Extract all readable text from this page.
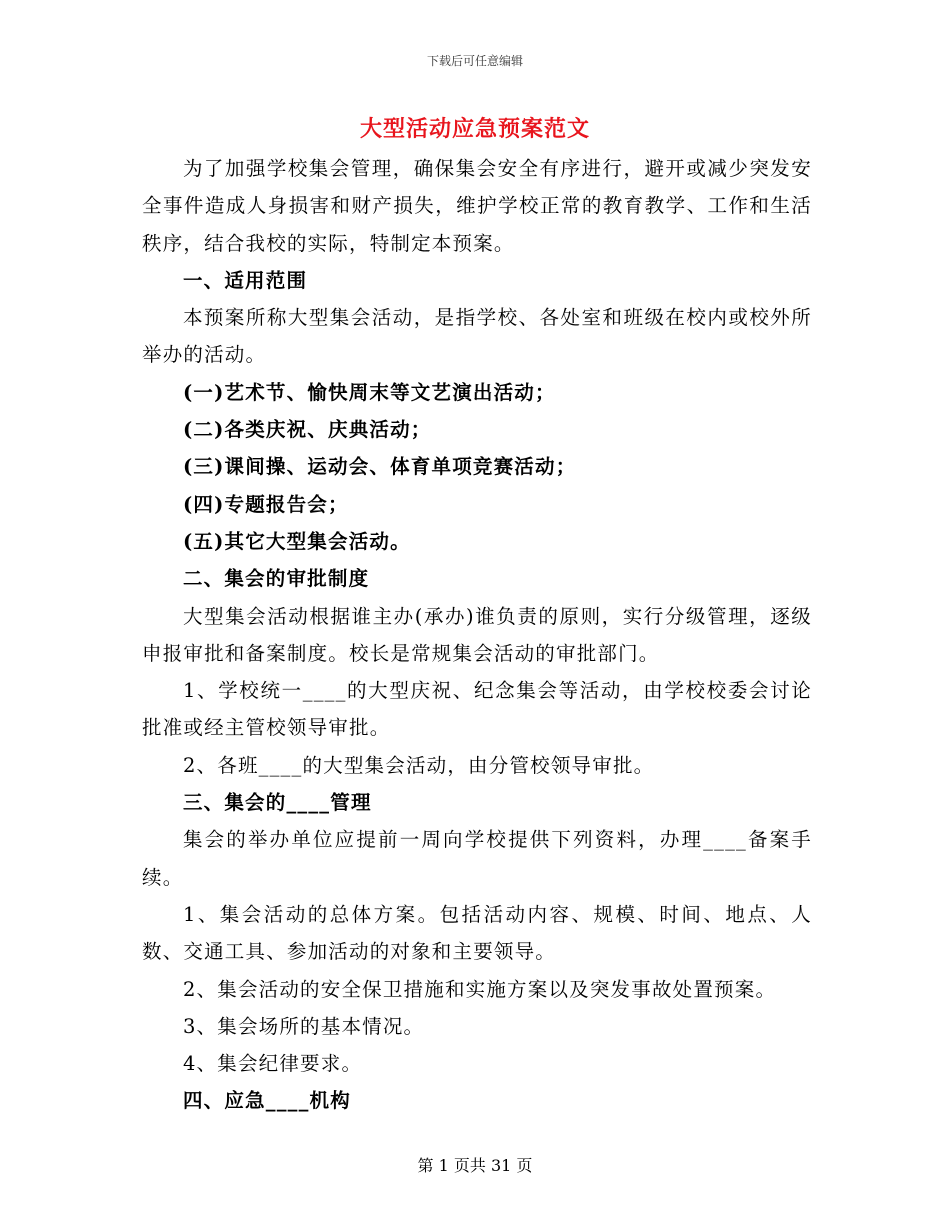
下载后可任意编辑
大型活动应急预案范文

为了加强学校集会管理，确保集会安全有序进行，避开或减少突发安全事件造成人身损害和财产损失，维护学校正常的教育教学、工作和生活秩序，结合我校的实际，特制定本预案。

一、适用范围

本预案所称大型集会活动，是指学校、各处室和班级在校内或校外所举办的活动。

(一)艺术节、愉快周末等文艺演出活动；

(二)各类庆祝、庆典活动；

(三)课间操、运动会、体育单项竞赛活动；

(四)专题报告会；

(五)其它大型集会活动。

二、集会的审批制度

大型集会活动根据谁主办(承办)谁负责的原则，实行分级管理，逐级申报审批和备案制度。校长是常规集会活动的审批部门。

1、学校统一____的大型庆祝、纪念集会等活动，由学校校委会讨论批准或经主管校领导审批。

2、各班____的大型集会活动，由分管校领导审批。

三、集会的____管理

集会的举办单位应提前一周向学校提供下列资料，办理____备案手续。

1、集会活动的总体方案。包括活动内容、规模、时间、地点、人数、交通工具、参加活动的对象和主要领导。

2、集会活动的安全保卫措施和实施方案以及突发事故处置预案。

3、集会场所的基本情况。

4、集会纪律要求。

四、应急____机构

第 1 页共 31 页
